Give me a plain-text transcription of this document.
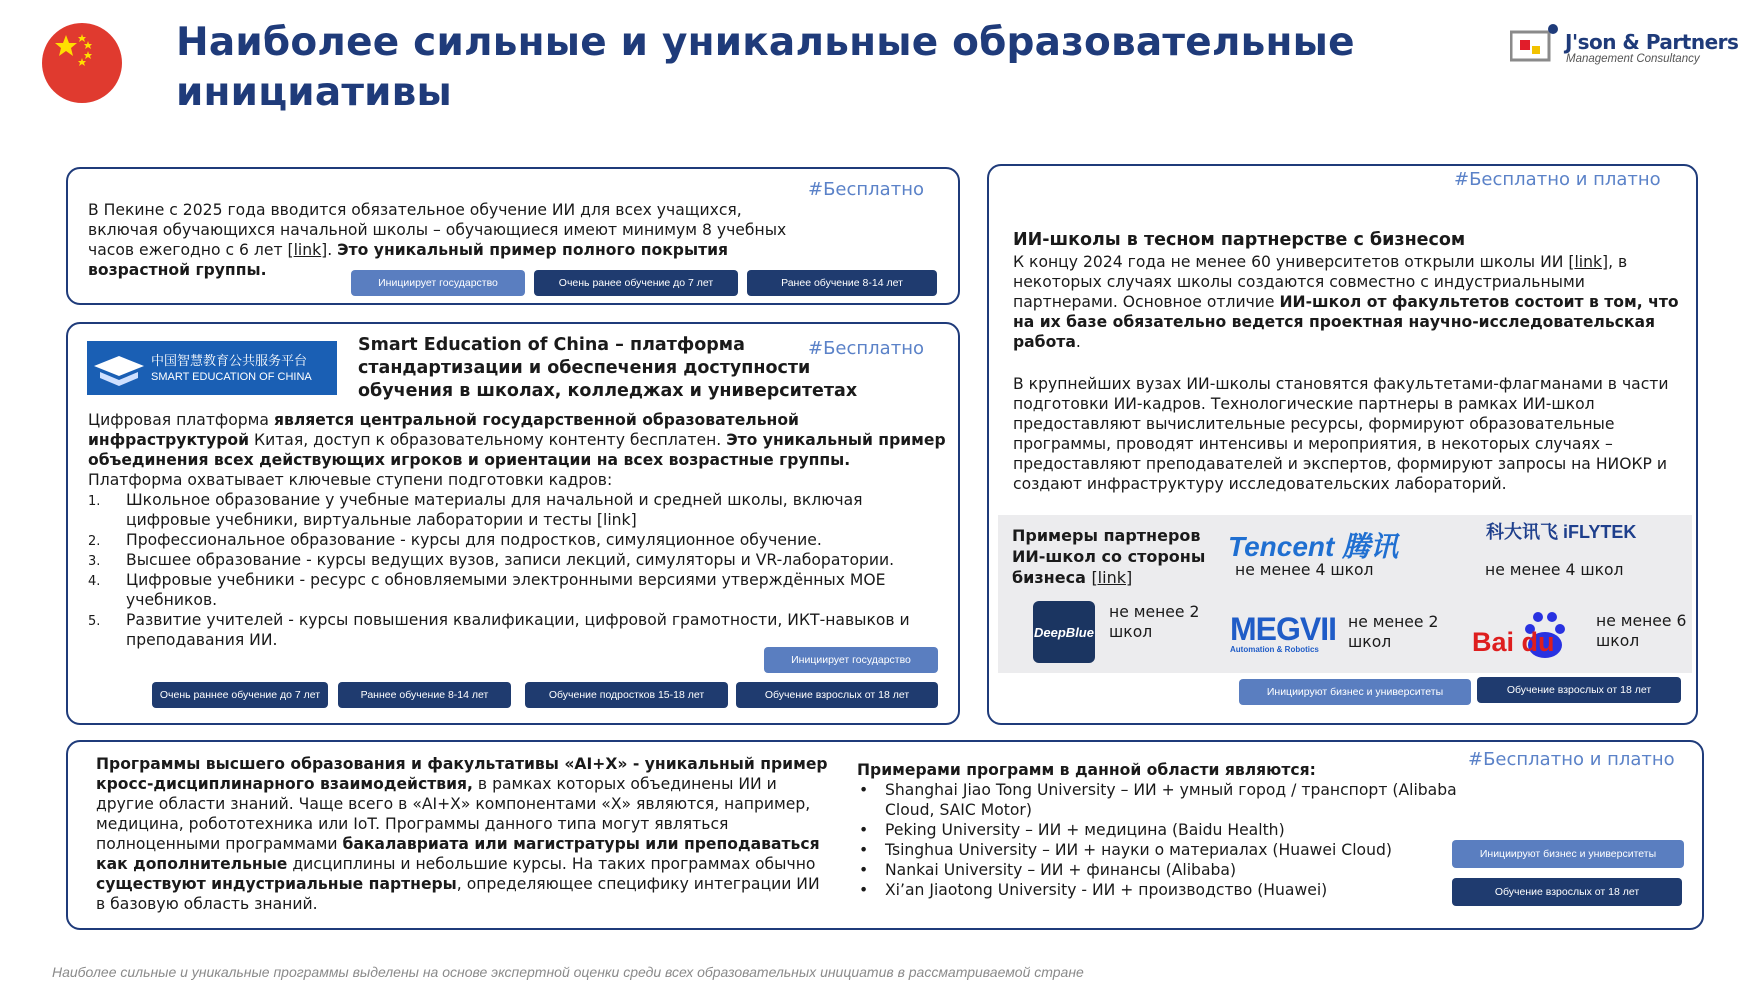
Наиболее сильные и уникальные образовательные инициативы
J'son & Partners
Management Consultancy
#Бесплатно
В Пекине с 2025 года вводится обязательное обучение ИИ для всех учащихся, включая обучающихся начальной школы – обучающиеся имеют минимум 8 учебных часов ежегодно с 6 лет [link]. Это уникальный пример полного покрытия возрастной группы.
Инициирует государство	Очень ранее обучение до 7 лет	Ранее обучение 8-14 лет
中国智慧教育公共服务平台
SMART EDUCATION OF CHINA
Smart Education of China – платформа стандартизации и обеспечения доступности обучения в школах, колледжах и университетах
#Бесплатно
Цифровая платформа является центральной государственной образовательной инфраструктурой Китая, доступ к образовательному контенту бесплатен. Это уникальный пример объединения всех действующих игроков и ориентации на всех возрастные группы.
Платформа охватывает ключевые ступени подготовки кадров:
1. Школьное образование у учебные материалы для начальной и средней школы, включая цифровые учебники, виртуальные лаборатории и тесты [link]
2. Профессиональное образование - курсы для подростков, симуляционное обучение.
3. Высшее образование - курсы ведущих вузов, записи лекций, симуляторы и VR-лаборатории.
4. Цифровые учебники - ресурс с обновляемыми электронными версиями утверждённых МОЕ учебников.
5. Развитие учителей - курсы повышения квалификации, цифровой грамотности, ИКТ-навыков и преподавания ИИ.
Инициирует государство
Очень раннее обучение до 7 лет	Раннее обучение 8-14 лет	Обучение подростков 15-18 лет	Обучение взрослых от 18 лет
#Бесплатно и платно
ИИ-школы в тесном партнерстве с бизнесом
К концу 2024 года не менее 60 университетов открыли школы ИИ [link], в некоторых случаях школы создаются совместно с индустриальными партнерами. Основное отличие ИИ-школ от факультетов состоит в том, что на их базе обязательно ведется проектная научно-исследовательская работа.
В крупнейших вузах ИИ-школы становятся факультетами-флагманами в части подготовки ИИ-кадров. Технологические партнеры в рамках ИИ-школ предоставляют вычислительные ресурсы, формируют образовательные программы, проводят интенсивы и мероприятия, в некоторых случаях – предоставляют преподавателей и экспертов, формируют запросы на НИОКР и создают инфраструктуру исследовательских лабораторий.
Инициируют бизнес и университеты	Обучение взрослых от 18 лет
Примеры партнеров ИИ-школ со стороны бизнеса [link]
Tencent 腾讯
не менее 4 школ
科大讯飞 iFLYTEK
не менее 4 школ
DeepBlue
не менее 2 школ	MEGVII
Automation & Robotics
не менее 2 школ	Bai du
не менее 6 школ
#Бесплатно и платно
Программы высшего образования и факультативы «AI+X» - уникальный пример кросс-дисциплинарного взаимодействия, в рамках которых объединены ИИ и другие области знаний. Чаще всего в «AI+X» компонентами «X» являются, например, медицина, робототехника или IoT. Программы данного типа могут являться полноценными программами бакалавриата или магистратуры или преподаваться как дополнительные дисциплины и небольшие курсы. На таких программах обычно существуют индустриальные партнеры, определяющее специфику интеграции ИИ в базовую область знаний.
Примерами программ в данной области являются:
• Shanghai Jiao Tong University – ИИ + умный город / транспорт (Alibaba Cloud, SAIC Motor)
• Peking University – ИИ + медицина (Baidu Health)
• Tsinghua University – ИИ + науки о материалах (Huawei Cloud)
• Nankai University – ИИ + финансы (Alibaba)
• Xi’an Jiaotong University - ИИ + производство (Huawei)
Инициируют бизнес и университеты
Обучение взрослых от 18 лет
Наиболее сильные и уникальные программы выделены на основе экспертной оценки среди всех образовательных инициатив в рассматриваемой стране
